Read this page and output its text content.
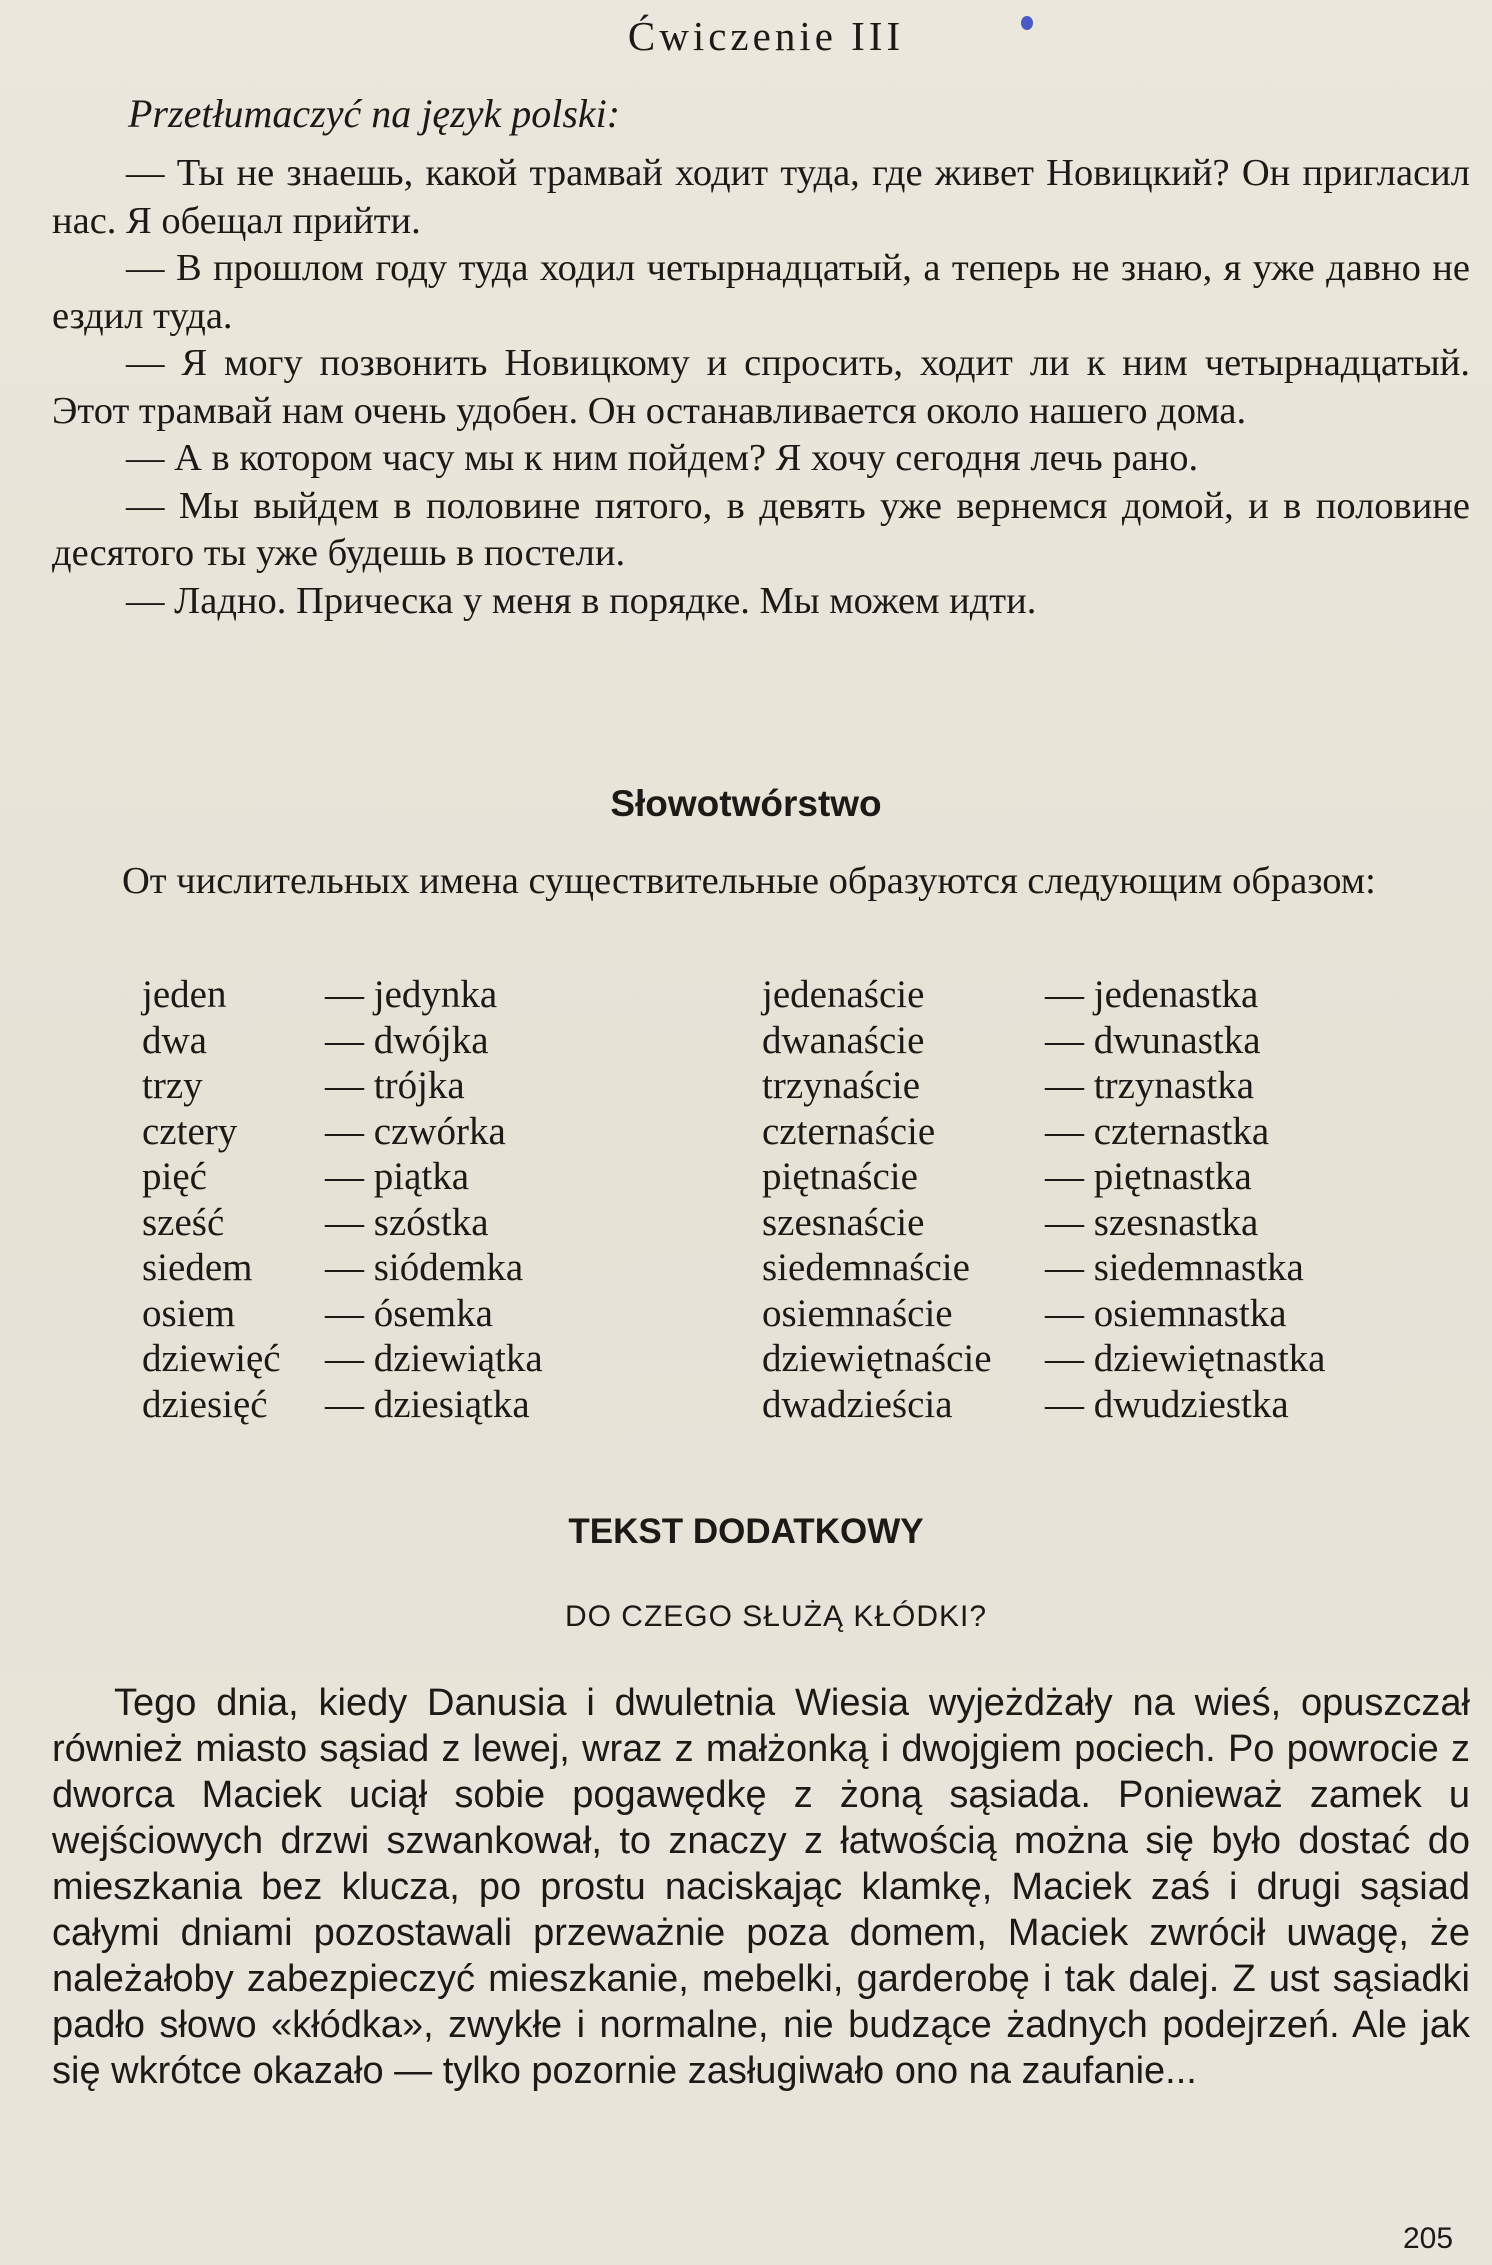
Ćwiczenie III
Przetłumaczyć na język polski:

— Ты не знаешь, какой трамвай ходит туда, где живет Новицкий? Он пригласил нас. Я обещал прийти.

— В прошлом году туда ходил четырнадцатый, а теперь не знаю, я уже давно не ездил туда.

— Я могу позвонить Новицкому и спросить, ходит ли к ним четырнадцатый. Этот трамвай нам очень удобен. Он останавливается около нашего дома.

— А в котором часу мы к ним пойдем? Я хочу сегодня лечь рано.

— Мы выйдем в половине пятого, в девять уже вернемся домой, и в половине десятого ты уже будешь в постели.

— Ладно. Прическа у меня в порядке. Мы можем идти.

Słowotwórstwo
От числительных имена существительные образуются следующим образом:
jeden	— jedynka	jedenaście	— jedenastka
dwa	— dwójka	dwanaście	— dwunastka
trzy	— trójka	trzynaście	— trzynastka
cztery — czwórka	czternaście	— czternastka
pięć	— piątka	piętnaście	— piętnastka
sześć	— szóstka	szesnaście	— szesnastka
siedem — siódemka	siedemnaście — siedemnastka
osiem — ósemka	osiemnaście — osiemnastka
dziewięć — dziewiątka	dziewiętnaście — dziewiętnastka
dziesięć — dziesiątka	dwadzieścia — dwudziestka
TEKST DODATKOWY
DO CZEGO SŁUŻĄ KŁÓDKI?
Tego dnia, kiedy Danusia i dwuletnia Wiesia wyjeżdżały na wieś, opuszczał również miasto sąsiad z lewej, wraz z małżonką i dwojgiem pociech. Po powrocie z dworca Maciek uciął sobie pogawędkę z żoną sąsiada. Ponieważ zamek u wejściowych drzwi szwankował, to znaczy z łatwością można się było dostać do mieszkania bez klucza, po prostu naciskając klamkę, Maciek zaś i drugi sąsiad całymi dniami pozostawali przeważnie poza domem, Maciek zwrócił uwagę, że należałoby zabezpieczyć mieszkanie, mebelki, garderobę i tak dalej. Z ust sąsiadki padło słowo «kłódka», zwykłe i normalne, nie budzące żadnych podejrzeń. Ale jak się wkrótce okazało — tylko pozornie zasługiwało ono na zaufanie...
205
